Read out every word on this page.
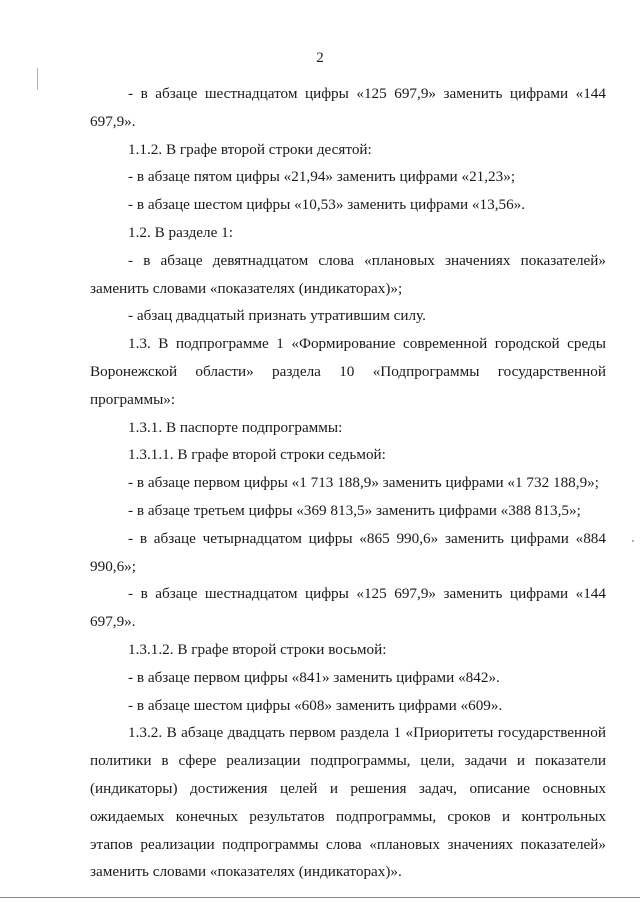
2

- в абзаце шестнадцатом цифры «125 697,9» заменить цифрами «144 697,9».

1.1.2. В графе второй строки десятой:

- в абзаце пятом цифры «21,94» заменить цифрами «21,23»;

- в абзаце шестом цифры «10,53» заменить цифрами «13,56».

1.2. В разделе 1:

- в абзаце девятнадцатом слова «плановых значениях показателей» заменить словами «показателях (индикаторах)»;

- абзац двадцатый признать утратившим силу.

1.3. В подпрограмме 1 «Формирование современной городской среды Воронежской области» раздела 10 «Подпрограммы государственной программы»:

1.3.1. В паспорте подпрограммы:

1.3.1.1. В графе второй строки седьмой:

- в абзаце первом цифры «1 713 188,9» заменить цифрами «1 732 188,9»;

- в абзаце третьем цифры «369 813,5» заменить цифрами «388 813,5»;

- в абзаце четырнадцатом цифры «865 990,6» заменить цифрами «884 990,6»;

- в абзаце шестнадцатом цифры «125 697,9» заменить цифрами «144 697,9».

1.3.1.2. В графе второй строки восьмой:

- в абзаце первом цифры «841» заменить цифрами «842».

- в абзаце шестом цифры «608» заменить цифрами «609».

1.3.2. В абзаце двадцать первом раздела 1 «Приоритеты государственной политики в сфере реализации подпрограммы, цели, задачи и показатели (индикаторы) достижения целей и решения задач, описание основных ожидаемых конечных результатов подпрограммы, сроков и контрольных этапов реализации подпрограммы слова «плановых значениях показателей» заменить словами «показателях (индикаторах)».
